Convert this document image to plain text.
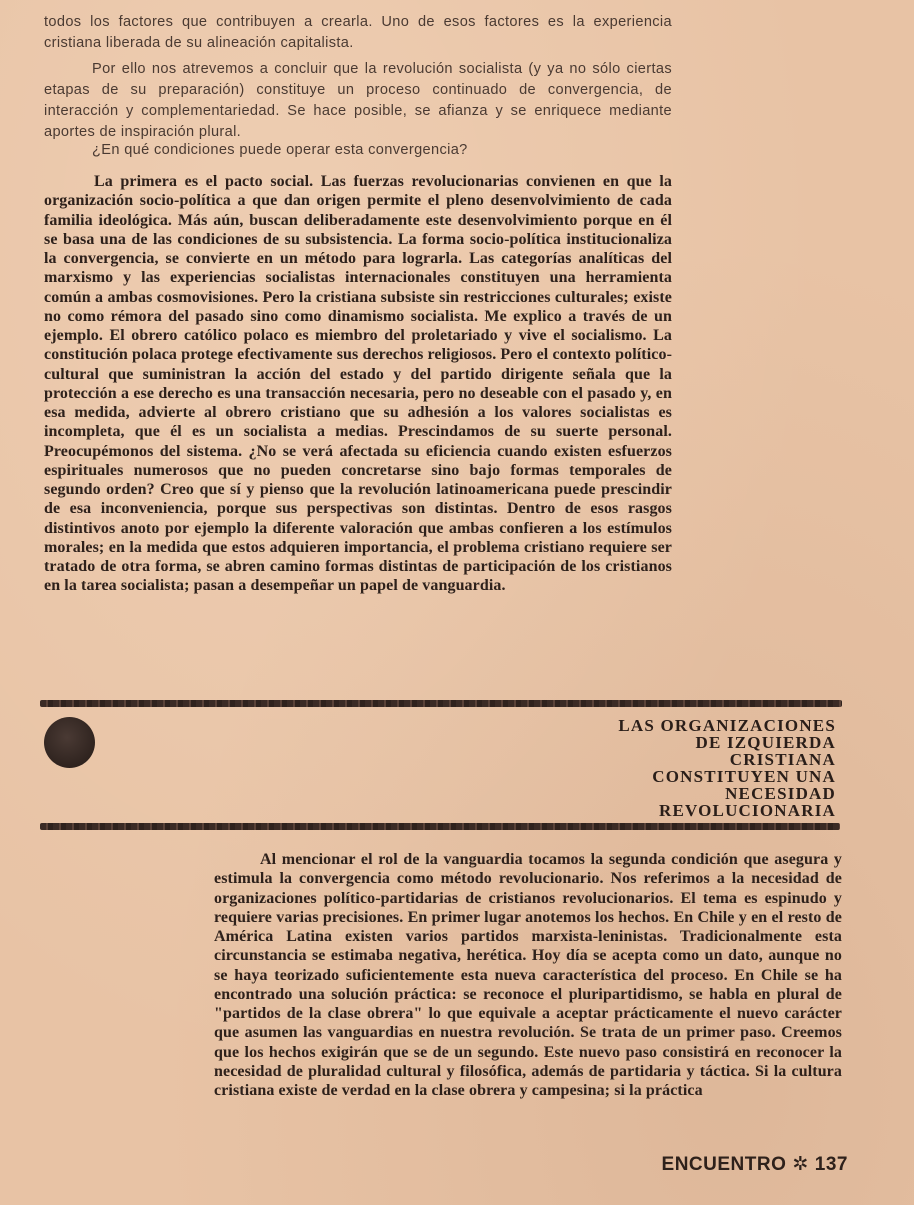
todos los factores que contribuyen a crearla. Uno de esos factores es la experiencia cristiana liberada de su alineación capitalista.

Por ello nos atrevemos a concluir que la revolución socialista (y ya no sólo ciertas etapas de su preparación) constituye un proceso continuado de convergencia, de interacción y complementariedad. Se hace posible, se afianza y se enriquece mediante aportes de inspiración plural.

¿En qué condiciones puede operar esta convergencia?

La primera es el pacto social. Las fuerzas revolucionarias convienen en que la organización socio-política a que dan origen permite el pleno desenvolvimiento de cada familia ideológica. Más aún, buscan deliberadamente este desenvolvimiento porque en él se basa una de las condiciones de su subsistencia. La forma socio-política institucionaliza la convergencia, se convierte en un método para lograrla. Las categorías analíticas del marxismo y las experiencias socialistas internacionales constituyen una herramienta común a ambas cosmovisiones. Pero la cristiana subsiste sin restricciones culturales; existe no como rémora del pasado sino como dinamismo socialista. Me explico a través de un ejemplo. El obrero católico polaco es miembro del proletariado y vive el socialismo. La constitución polaca protege efectivamente sus derechos religiosos. Pero el contexto político-cultural que suministran la acción del estado y del partido dirigente señala que la protección a ese derecho es una transacción necesaria, pero no deseable con el pasado y, en esa medida, advierte al obrero cristiano que su adhesión a los valores socialistas es incompleta, que él es un socialista a medias. Prescindamos de su suerte personal. Preocupémonos del sistema. ¿No se verá afectada su eficiencia cuando existen esfuerzos espirituales numerosos que no pueden concretarse sino bajo formas temporales de segundo orden? Creo que sí y pienso que la revolución latinoamericana puede prescindir de esa inconveniencia, porque sus perspectivas son distintas. Dentro de esos rasgos distintivos anoto por ejemplo la diferente valoración que ambas confieren a los estímulos morales; en la medida que estos adquieren importancia, el problema cristiano requiere ser tratado de otra forma, se abren camino formas distintas de participación de los cristianos en la tarea socialista; pasan a desempeñar un papel de vanguardia.

LAS ORGANIZACIONES
DE IZQUIERDA
CRISTIANA
CONSTITUYEN UNA
NECESIDAD
REVOLUCIONARIA

Al mencionar el rol de la vanguardia tocamos la segunda condición que asegura y estimula la convergencia como método revolucionario. Nos referimos a la necesidad de organizaciones político-partidarias de cristianos revolucionarios. El tema es espinudo y requiere varias precisiones. En primer lugar anotemos los hechos. En Chile y en el resto de América Latina existen varios partidos marxista-leninistas. Tradicionalmente esta circunstancia se estimaba negativa, herética. Hoy día se acepta como un dato, aunque no se haya teorizado suficientemente esta nueva característica del proceso. En Chile se ha encontrado una solución práctica: se reconoce el pluripartidismo, se habla en plural de "partidos de la clase obrera" lo que equivale a aceptar prácticamente el nuevo carácter que asumen las vanguardias en nuestra revolución. Se trata de un primer paso. Creemos que los hechos exigirán que se de un segundo. Este nuevo paso consistirá en reconocer la necesidad de pluralidad cultural y filosófica, además de partidaria y táctica. Si la cultura cristiana existe de verdad en la clase obrera y campesina; si la práctica

ENCUENTRO ✲ 137
